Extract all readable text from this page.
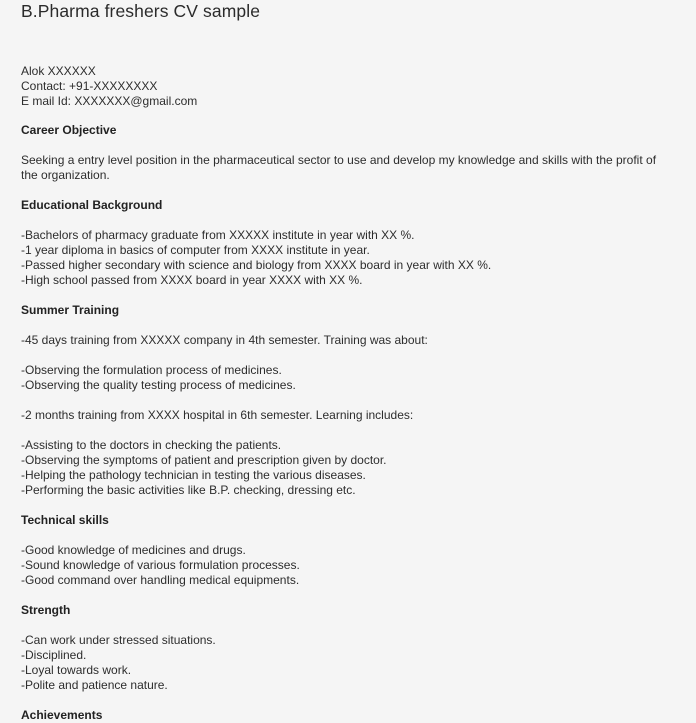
B.Pharma freshers CV sample
Alok XXXXXX
Contact: +91-XXXXXXXX
E mail Id: XXXXXXX@gmail.com
Career Objective
Seeking a entry level position in the pharmaceutical sector to use and develop my knowledge and skills with the profit of the organization.
Educational Background
-Bachelors of pharmacy graduate from XXXXX institute in year with XX %.
-1 year diploma in basics of computer from XXXX institute in year.
-Passed higher secondary with science and biology from XXXX board in year with XX %.
-High school passed from XXXX board in year XXXX with XX %.
Summer Training
-45 days training from XXXXX company in 4th semester. Training was about:
-Observing the formulation process of medicines.
-Observing the quality testing process of medicines.
-2 months training from XXXX hospital in 6th semester. Learning includes:
-Assisting to the doctors in checking the patients.
-Observing the symptoms of patient and prescription given by doctor.
-Helping the pathology technician in testing the various diseases.
-Performing the basic activities like B.P. checking, dressing etc.
Technical skills
-Good knowledge of medicines and drugs.
-Sound knowledge of various formulation processes.
-Good command over handling medical equipments.
Strength
-Can work under stressed situations.
-Disciplined.
-Loyal towards work.
-Polite and patience nature.
Achievements
